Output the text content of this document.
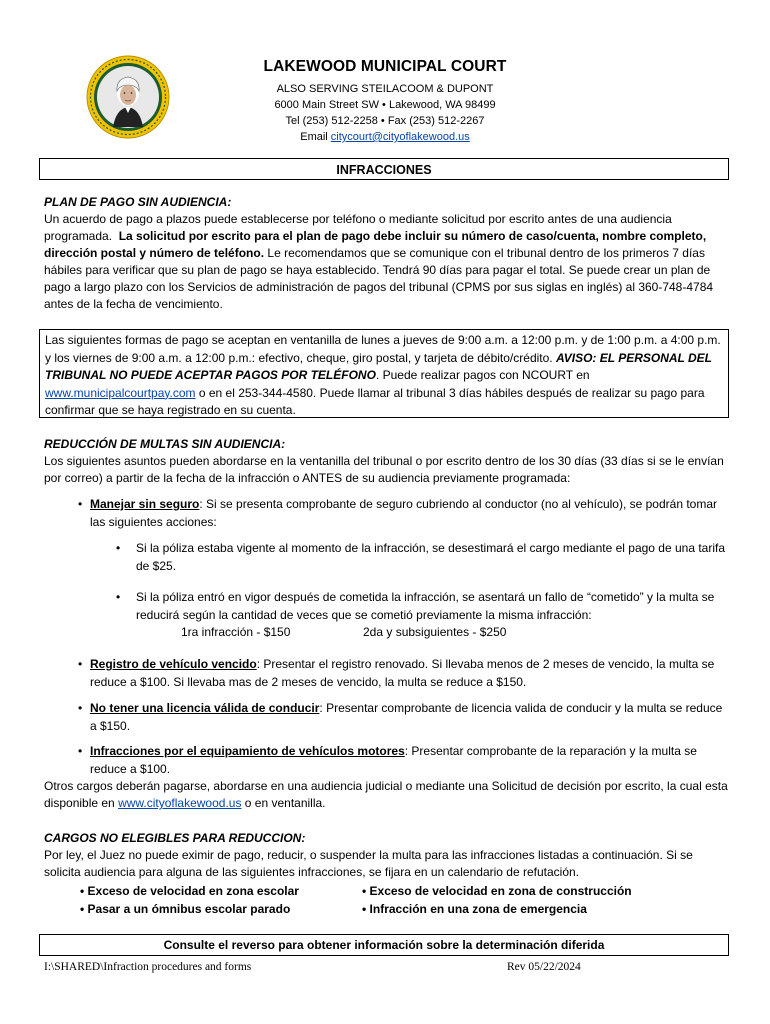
LAKEWOOD MUNICIPAL COURT
ALSO SERVING STEILACOOM & DUPONT
6000 Main Street SW • Lakewood, WA 98499
Tel (253) 512-2258 • Fax (253) 512-2267
Email citycourt@cityoflakewood.us
INFRACCIONES
PLAN DE PAGO SIN AUDIENCIA:
Un acuerdo de pago a plazos puede establecerse por teléfono o mediante solicitud por escrito antes de una audiencia programada. La solicitud por escrito para el plan de pago debe incluir su número de caso/cuenta, nombre completo, dirección postal y número de teléfono. Le recomendamos que se comunique con el tribunal dentro de los primeros 7 días hábiles para verificar que su plan de pago se haya establecido. Tendrá 90 días para pagar el total. Se puede crear un plan de pago a largo plazo con los Servicios de administración de pagos del tribunal (CPMS por sus siglas en inglés) al 360-748-4784 antes de la fecha de vencimiento.
Las siguientes formas de pago se aceptan en ventanilla de lunes a jueves de 9:00 a.m. a 12:00 p.m. y de 1:00 p.m. a 4:00 p.m. y los viernes de 9:00 a.m. a 12:00 p.m.: efectivo, cheque, giro postal, y tarjeta de débito/crédito. AVISO: EL PERSONAL DEL TRIBUNAL NO PUEDE ACEPTAR PAGOS POR TELÉFONO. Puede realizar pagos con NCOURT en www.municipalcourtpay.com o en el 253-344-4580. Puede llamar al tribunal 3 días hábiles después de realizar su pago para confirmar que se haya registrado en su cuenta.
REDUCCIÓN DE MULTAS SIN AUDIENCIA:
Los siguientes asuntos pueden abordarse en la ventanilla del tribunal o por escrito dentro de los 30 días (33 días si se le envían por correo) a partir de la fecha de la infracción o ANTES de su audiencia previamente programada:
• Manejar sin seguro: Si se presenta comprobante de seguro cubriendo al conductor (no al vehículo), se podrán tomar las siguientes acciones:
• Si la póliza estaba vigente al momento de la infracción, se desestimará el cargo mediante el pago de una tarifa de $25.
• Si la póliza entró en vigor después de cometida la infracción, se asentará un fallo de “cometido” y la multa se reducirá según la cantidad de veces que se cometió previamente la misma infracción:
1ra infracción - $150	2da y subsiguientes - $250
• Registro de vehículo vencido: Presentar el registro renovado. Si llevaba menos de 2 meses de vencido, la multa se reduce a $100. Si llevaba mas de 2 meses de vencido, la multa se reduce a $150.
• No tener una licencia válida de conducir: Presentar comprobante de licencia valida de conducir y la multa se reduce a $150.
• Infracciones por el equipamiento de vehículos motores: Presentar comprobante de la reparación y la multa se reduce a $100.
Otros cargos deberán pagarse, abordarse en una audiencia judicial o mediante una Solicitud de decisión por escrito, la cual esta disponible en www.cityoflakewood.us o en ventanilla.
CARGOS NO ELEGIBLES PARA REDUCCION:
Por ley, el Juez no puede eximir de pago, reducir, o suspender la multa para las infracciones listadas a continuación. Si se solicita audiencia para alguna de las siguientes infracciones, se fijara en un calendario de refutación.
• Exceso de velocidad en zona escolar	• Exceso de velocidad en zona de construcción
• Pasar a un ómnibus escolar parado	• Infracción en una zona de emergencia
Consulte el reverso para obtener información sobre la determinación diferida
I:\SHARED\Infraction procedures and forms	Rev 05/22/2024
